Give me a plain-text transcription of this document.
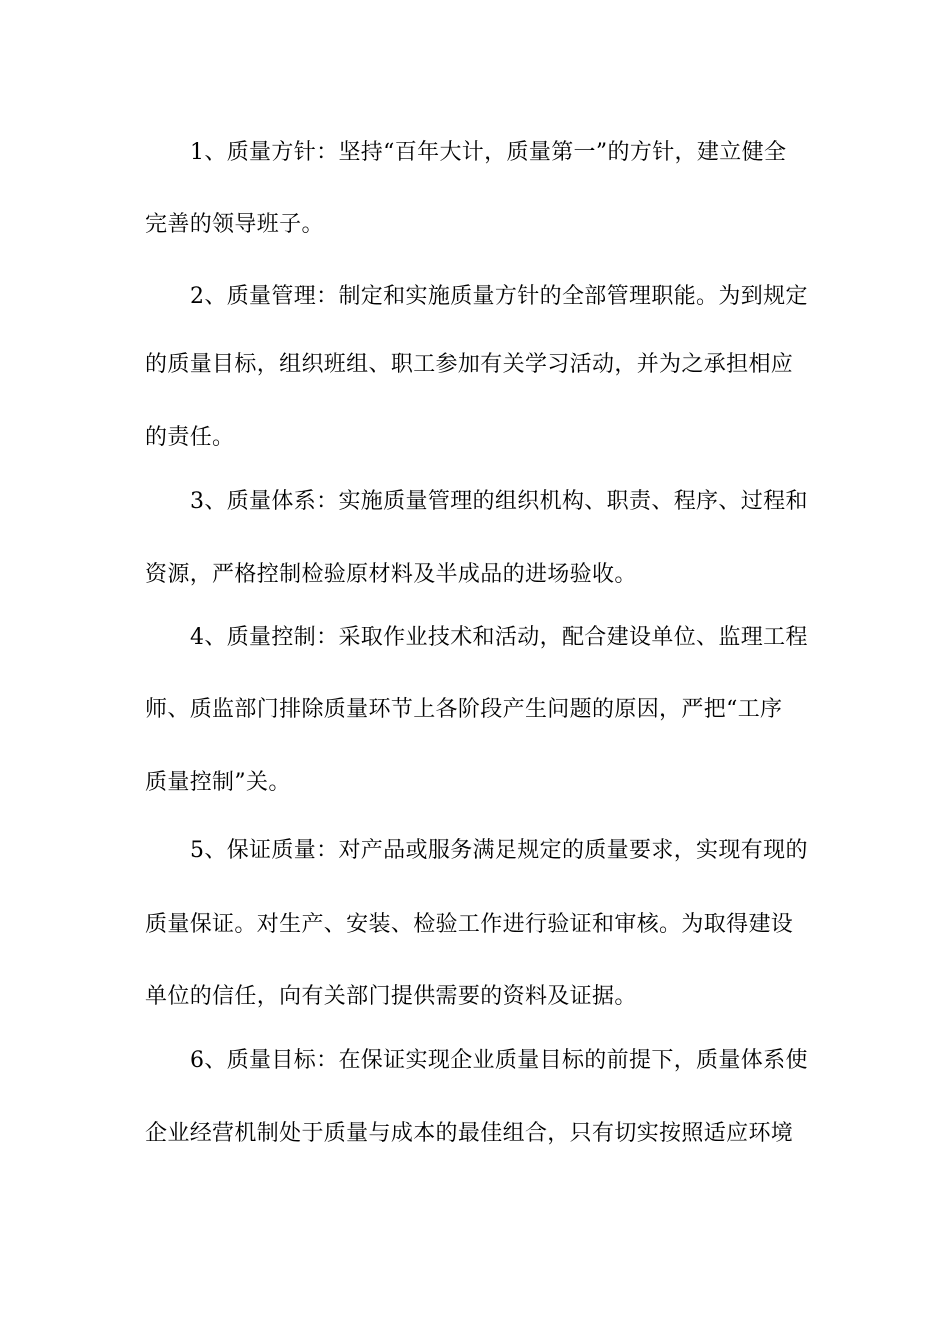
1、质量方针：坚持“百年大计，质量第一”的方针，建立健全
完善的领导班子。
2、质量管理：制定和实施质量方针的全部管理职能。为到规定
的质量目标，组织班组、职工参加有关学习活动，并为之承担相应
的责任。
3、质量体系：实施质量管理的组织机构、职责、程序、过程和
资源，严格控制检验原材料及半成品的进场验收。
4、质量控制：采取作业技术和活动，配合建设单位、监理工程
师、质监部门排除质量环节上各阶段产生问题的原因，严把“工序
质量控制”关。
5、保证质量：对产品或服务满足规定的质量要求，实现有现的
质量保证。对生产、安装、检验工作进行验证和审核。为取得建设
单位的信任，向有关部门提供需要的资料及证据。
6、质量目标：在保证实现企业质量目标的前提下，质量体系使
企业经营机制处于质量与成本的最佳组合，只有切实按照适应环境
